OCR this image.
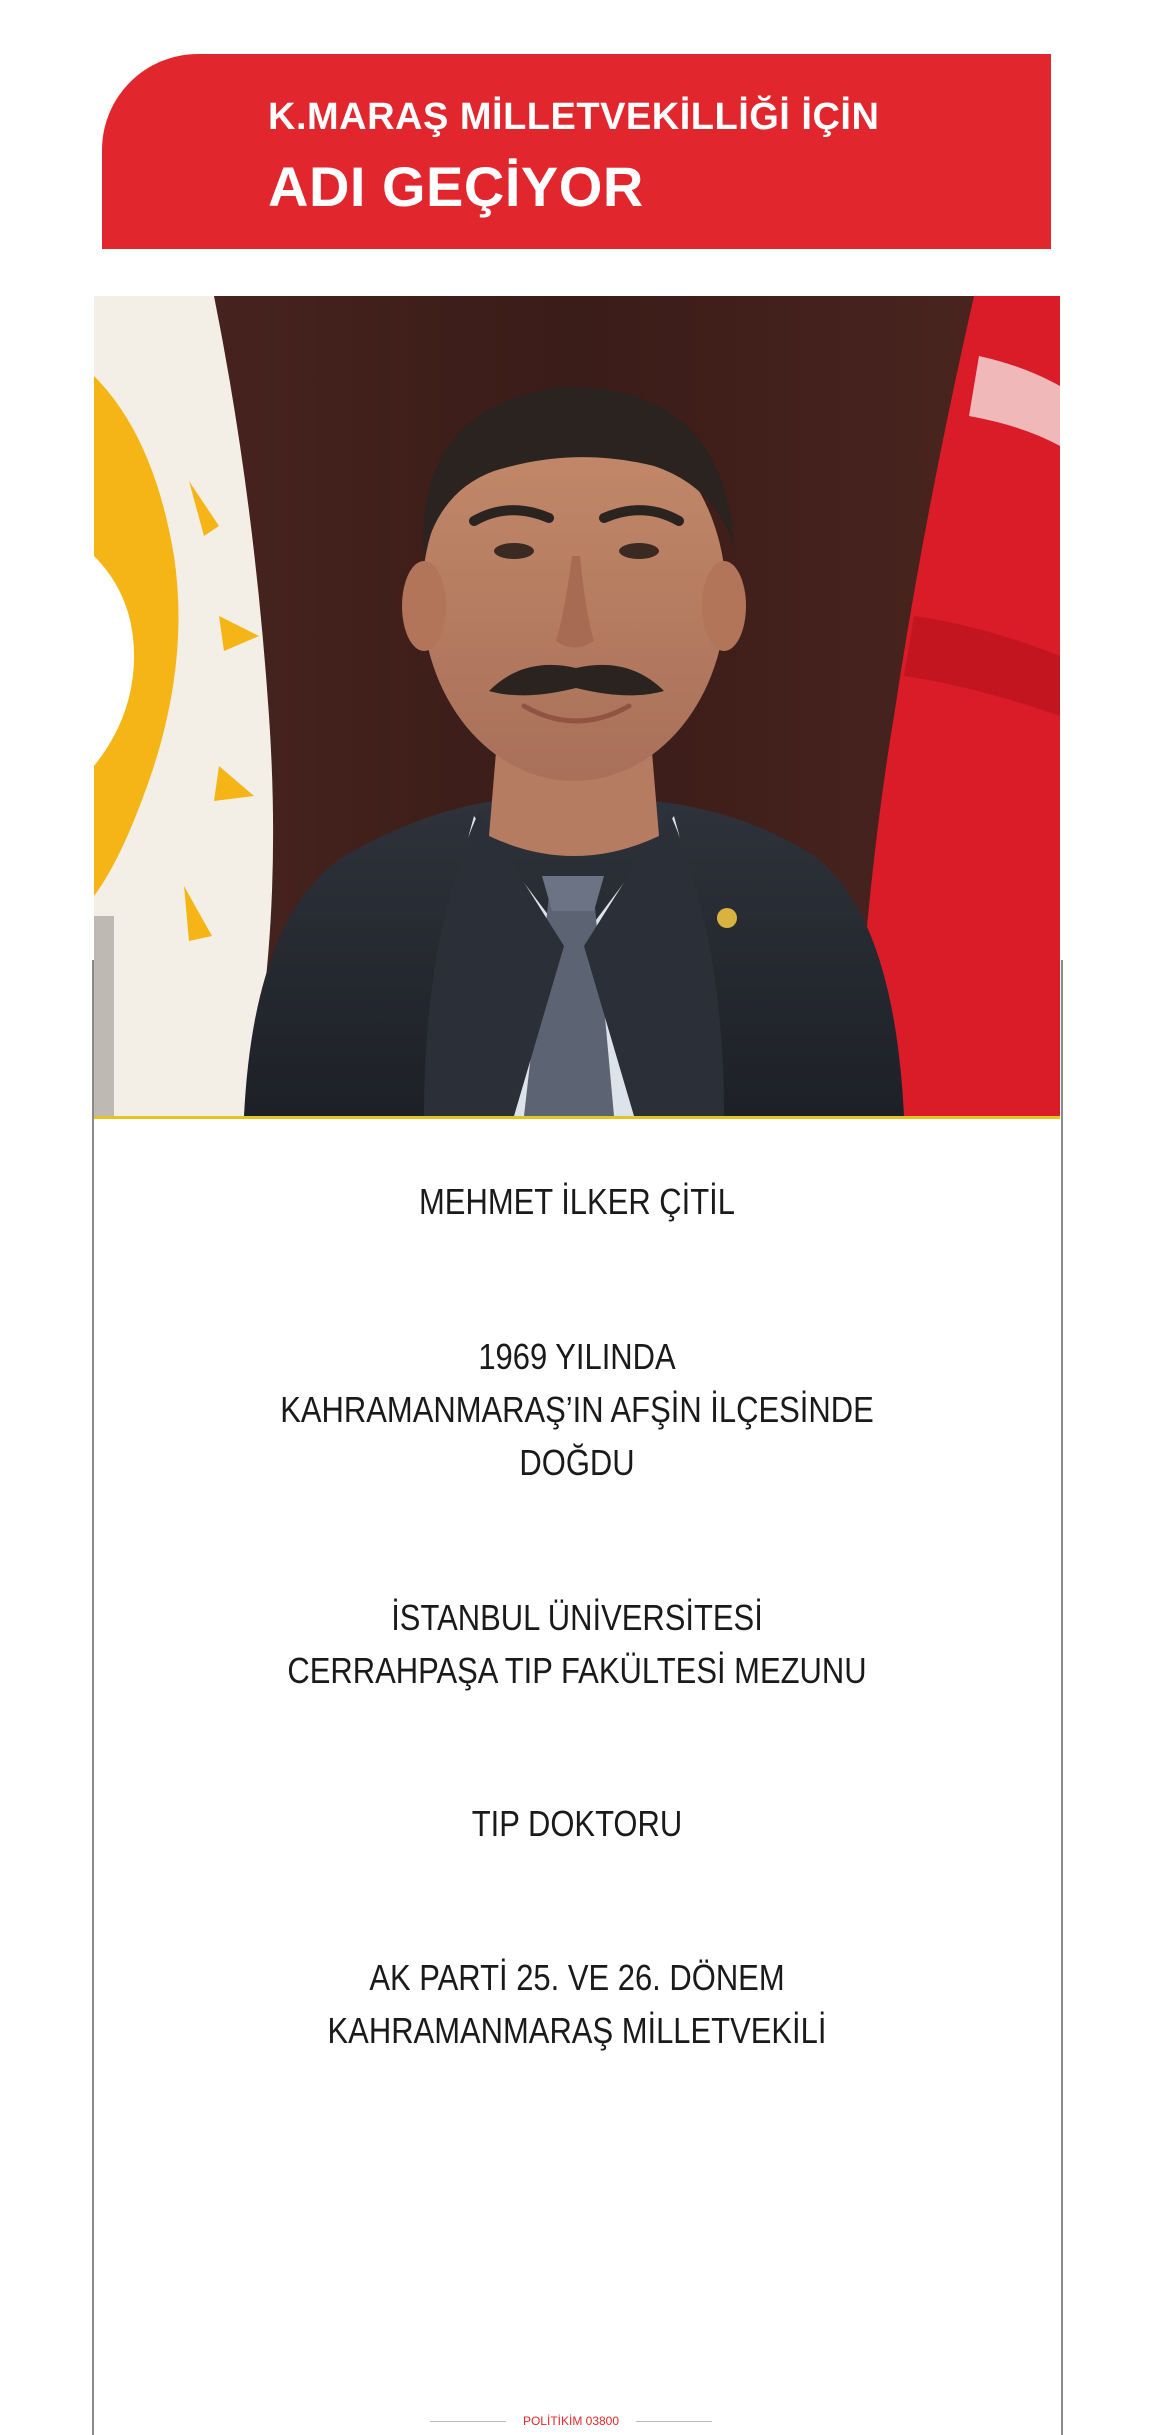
K.MARAŞ MİLLETVEKİLLİĞİ İÇİN
ADI GEÇİYOR
MEHMET İLKER ÇİTİL
1969 YILINDA
KAHRAMANMARAŞ’IN AFŞİN İLÇESİNDE
DOĞDU
İSTANBUL ÜNİVERSİTESİ
CERRAHPAŞA TIP FAKÜLTESİ MEZUNU
TIP DOKTORU
AK PARTİ 25. VE 26. DÖNEM
KAHRAMANMARAŞ MİLLETVEKİLİ
POLİTİKİM 03800
